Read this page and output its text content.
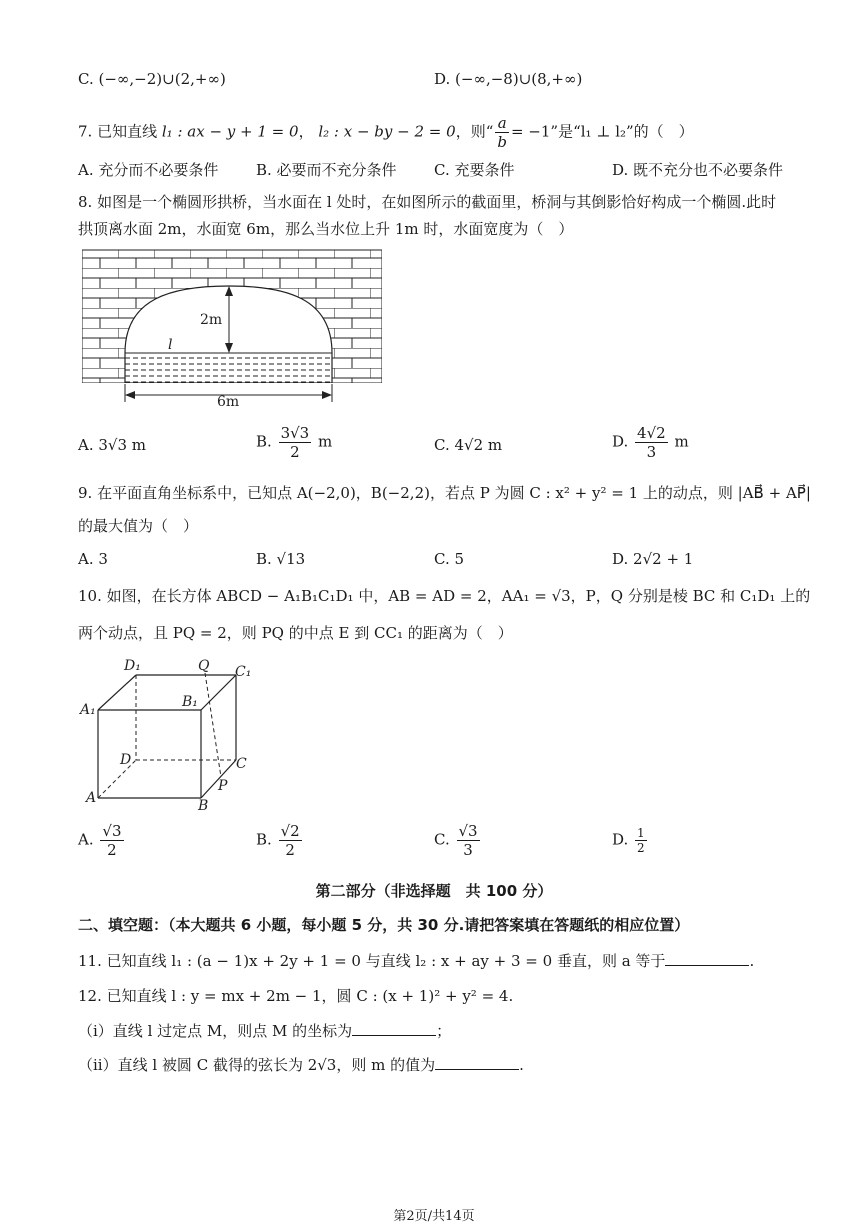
C. (−∞,−2)∪(2,+∞)	D. (−∞,−8)∪(8,+∞)
7. 已知直线 l₁ : ax − y + 1 = 0， l₂ : x − by − 2 = 0，则“ $\frac{a}{b} = -1$”是“l₁ ⊥ l₂”的（　）
A. 充分而不必要条件	B. 必要而不充分条件 C. 充要条件	D. 既不充分也不必要条件
8. 如图是一个椭圆形拱桥，当水面在 l 处时，在如图所示的截面里，桥洞与其倒影恰好构成一个椭圆.此时
拱顶离水面 2m，水面宽 6m，那么当水位上升 1m 时，水面宽度为（　）
2m
l
6m
A. 3√3 m	B. $\frac{3√3}{2}$ m	C. 4√2 m	D. $\frac{4√2}{3}$ m
9. 在平面直角坐标系中，已知点 A(−2,0)，B(−2,2)，若点 P 为圆 C : x² + y² = 1 上的动点，则 |AB⃗ + AP⃗|
的最大值为（　）
A. 3	B. √13	C. 5	D. 2√2 + 1
10. 如图，在长方体 ABCD − A₁B₁C₁D₁ 中，AB = AD = 2，AA₁ = √3，P，Q 分别是棱 BC 和 C₁D₁ 上的
两个动点，且 PQ = 2，则 PQ 的中点 E 到 CC₁ 的距离为（　）
D₁	Q C₁
A₁	B₁
D	C
P
A	B
A. $\frac{√3}{2}$	B. $\frac{√2}{2}$	C. $\frac{√3}{3}$	D. $\frac{1}{2}$
第二部分（非选择题　共 100 分）
二、填空题：（本大题共 6 小题，每小题 5 分，共 30 分.请把答案填在答题纸的相应位置）
11. 已知直线 l₁ : (a − 1)x + 2y + 1 = 0 与直线 l₂ : x + ay + 3 = 0 垂直，则 a 等于	.
12. 已知直线 l : y = mx + 2m − 1，圆 C : (x + 1)² + y² = 4.
（i）直线 l 过定点 M，则点 M 的坐标为	；
（ii）直线 l 被圆 C 截得的弦长为 2√3，则 m 的值为	.
第2页/共14页
